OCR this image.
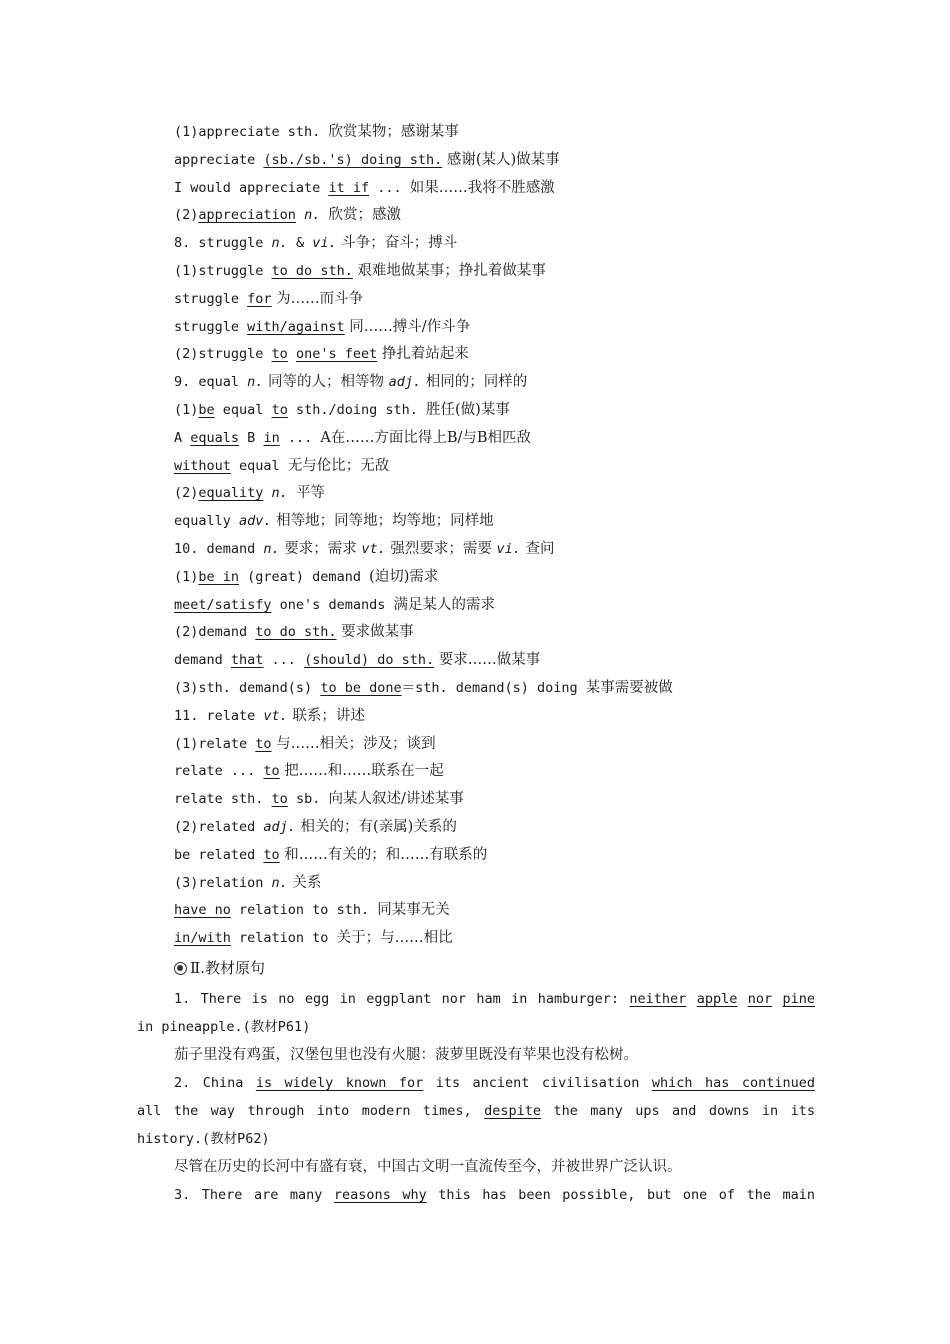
(1)appreciate sth. 欣赏某物；感谢某事
appreciate (sb./sb.'s) doing sth. 感谢(某人)做某事
I would appreciate it if ... 如果……我将不胜感激
(2)appreciation n. 欣赏；感激
8. struggle n. & vi. 斗争；奋斗；搏斗
(1)struggle to do sth. 艰难地做某事；挣扎着做某事
struggle for 为……而斗争
struggle with/against 同……搏斗/作斗争
(2)struggle to one's feet 挣扎着站起来
9. equal n. 同等的人；相等物 adj. 相同的；同样的
(1)be equal to sth./doing sth. 胜任(做)某事
A equals B in ... A在……方面比得上B/与B相匹敌
without equal 无与伦比；无敌
(2)equality n. 平等
equally adv. 相等地；同等地；均等地；同样地
10. demand n. 要求；需求 vt. 强烈要求；需要 vi. 查问
(1)be in (great) demand (迫切)需求
meet/satisfy one's demands 满足某人的需求
(2)demand to do sth. 要求做某事
demand that ... (should) do sth. 要求……做某事
(3)sth. demand(s) to be done＝sth. demand(s) doing 某事需要被做
11. relate vt. 联系；讲述
(1)relate to 与……相关；涉及；谈到
relate ... to 把……和……联系在一起
relate sth. to sb. 向某人叙述/讲述某事
(2)related adj. 相关的；有(亲属)关系的
be related to 和……有关的；和……有联系的
(3)relation n. 关系
have no relation to sth. 同某事无关
in/with relation to 关于；与……相比
Ⅱ.教材原句
1. There is no egg in eggplant nor ham in hamburger: neither apple nor pine
in pineapple.(教材P61)
茄子里没有鸡蛋，汉堡包里也没有火腿：菠萝里既没有苹果也没有松树。
2. China is widely known for its ancient civilisation which has continued
all the way through into modern times, despite the many ups and downs in its
history.(教材P62)
尽管在历史的长河中有盛有衰，中国古文明一直流传至今，并被世界广泛认识。
3. There are many reasons why this has been possible, but one of the main
